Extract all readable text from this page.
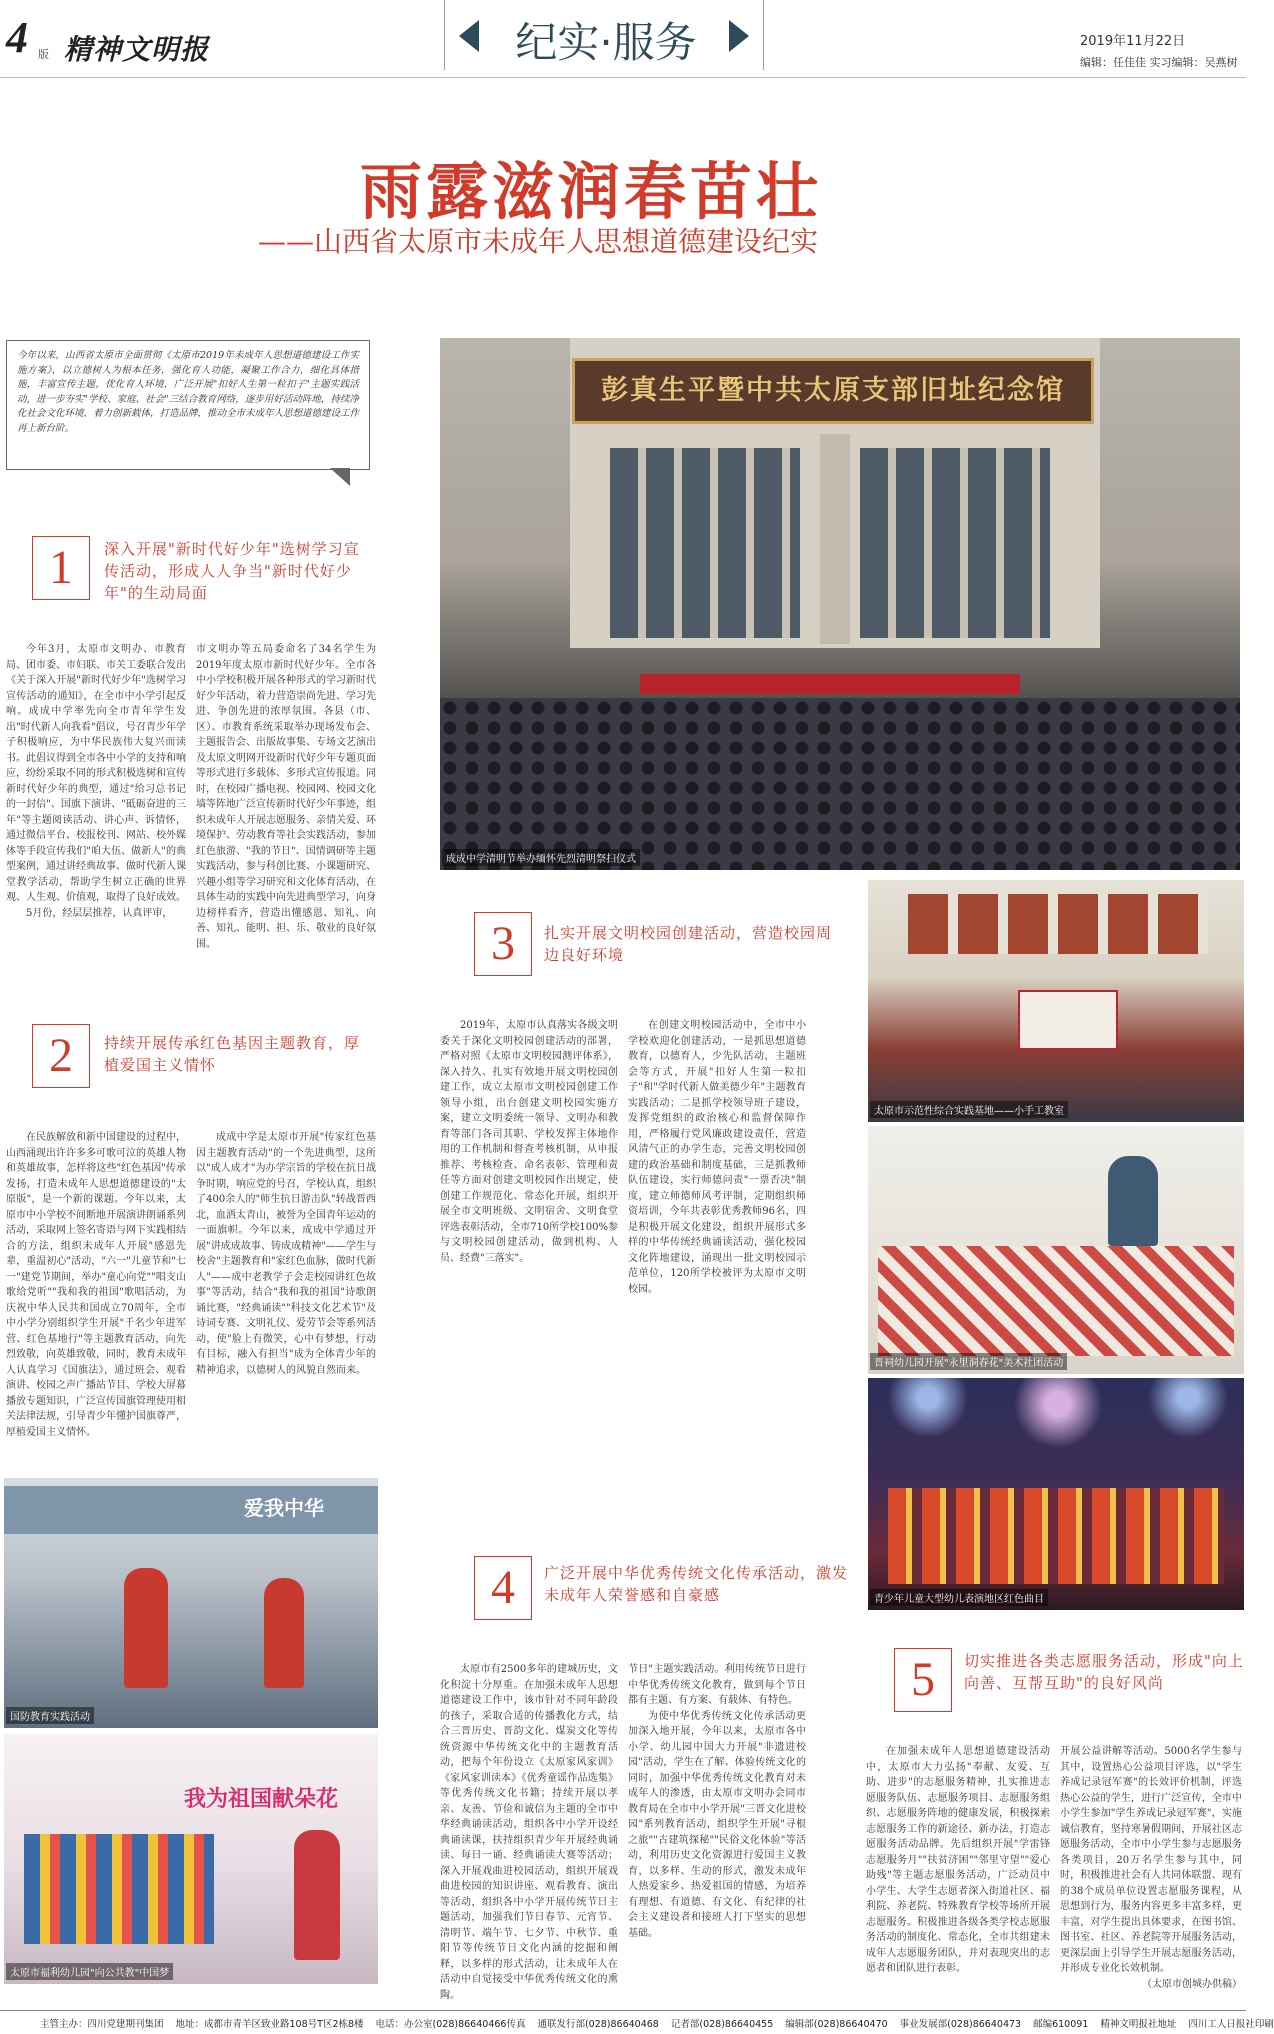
4 版 精神文明报	纪实·服务	2019年11月22日
编辑：任佳佳 实习编辑：吴燕树
雨露滋润春苗壮
——山西省太原市未成年人思想道德建设纪实
今年以来，山西省太原市全面贯彻《太原市2019年未成年人思想道德建设工作实施方案》，以立德树人为根本任务，强化育人功能，凝聚工作合力，细化具体措施，丰富宣传主题，优化育人环境，广泛开展"扣好人生第一粒扣子"主题实践活动，进一步夯实"学校、家庭、社会"三结合教育网络，逐步用好活动阵地，持续净化社会文化环境，着力创新载体，打造品牌，推动全市未成年人思想道德建设工作再上新台阶。
1	深入开展"新时代好少年"选树学习宣传活动，形成人人争当"新时代好少年"的生动局面

今年3月，太原市文明办、市教育局、团市委、市妇联、市关工委联合发出《关于深入开展"新时代好少年"选树学习宣传活动的通知》，在全市中小学引起反响。成成中学率先向全市青年学生发出"时代新人向我看"倡议，号召青少年学子积极响应，为中华民族伟大复兴而读书。此倡议得到全市各中小学的支持和响应，纷纷采取不同的形式积极选树和宣传新时代好少年的典型，通过"给习总书记的一封信"、国旗下演讲、"砥砺奋进的三年"等主题阅读活动、讲心声、诉情怀，通过微信平台、校报校刊、网站、校外媒体等手段宣传我们"咱大伍、做新人"的典型案例，通过讲经典故事、做时代新人课堂教学活动，帮助学生树立正确的世界观、人生观、价值观，取得了良好成效。

5月份，经层层推荐，认真评审，

市文明办等五局委命名了34名学生为2019年度太原市新时代好少年。全市各中小学校积极开展各种形式的学习新时代好少年活动，着力营造崇尚先进、学习先进、争创先进的浓厚氛围。各县（市、区）、市教育系统采取举办现场发布会、主题报告会、出版故事集、专场文艺演出及太原文明网开设新时代好少年专题页面等形式进行多载体、多形式宣传报道。同时，在校园广播电视、校园网、校园文化墙等阵地广泛宣传新时代好少年事迹，组织未成年人开展志愿服务、亲情关爱、环境保护、劳动教育等社会实践活动，参加红色旅游、"我的节日"、国情调研等主题实践活动，参与科创比赛、小课题研究、兴趣小组等学习研究和文化体育活动，在具体生动的实践中向先进典型学习，向身边榜样看齐，营造出懂感恩、知礼、向善、知礼、能明、担、乐、敬业的良好氛围。
2	持续开展传承红色基因主题教育，厚植爱国主义情怀
在民族解放和新中国建设的过程中，山西涌现出许许多多可歌可泣的英雄人物和英雄故事，怎样将这些"红色基因"传承发扬，打造未成年人思想道德建设的"太原版"，是一个新的课题。今年以来，太原市中小学校不间断地开展演讲朗诵系列活动，采取网上签名寄语与网下实践相结合的方法，组织未成年人开展"感恩先辈，重温初心"活动，"六一"儿童节和"七一"建党节期间，举办"童心向党""唱支山歌给党听""我和我的祖国"歌唱活动，为庆祝中华人民共和国成立70周年，全市中小学分别组织学生开展"千名少年进军营、红色基地行"等主题教育活动，向先烈致敬，向英雄致敬，同时，教育未成年人认真学习《国旗法》，通过班会、观看演讲、校园之声广播站节目、学校大屏幕播放专题知识，广泛宣传国旗管理使用相关法律法规，引导青少年懂护国旗尊严，厚植爱国主义情怀。
成成中学是太原市开展"传家红色基因主题教育活动"的一个先进典型，这所以"成人成才"为办学宗旨的学校在抗日战争时期，响应党的号召，学校认真，组织了400余人的"师生抗日游击队"转战晋西北，血洒太青山，被誉为全国青年运动的一面旗帜。今年以来，成成中学通过开展"讲成成故事、铸成成精神"——学生与校舍"主题教育和"家红色血脉，做时代新人"——成中老教学子会走校园讲红色故事"等活动，结合"我和我的祖国"诗歌朗诵比赛，"经典诵读""科技文化艺术节"及诗词专赛、文明礼仪、爱劳节会等系列活动，使"脸上有微笑，心中有梦想，行动有目标，融入有担当"成为全体青少年的精神追求，以德树人的风貌自然而来。
彭真生平暨中共太原支部旧址纪念馆
成成中学清明节举办缅怀先烈清明祭扫仪式
3	扎实开展文明校园创建活动，营造校园周边良好环境
2019年，太原市认真落实各级文明委关于深化文明校园创建活动的部署，严格对照《太原市文明校园测评体系》，深入持久、扎实有效地开展文明校园创建工作，成立太原市文明校园创建工作领导小组，出台创建文明校园实施方案，建立文明委统一领导、文明办和教育等部门各司其职、学校发挥主体地作用的工作机制和督查考核机制，从申报推荐、考核检查、命名表彰、管理和责任等方面对创建文明校园作出规定，使创建工作规范化、常态化开展，组织开展全市文明班级、文明宿舍、文明食堂评选表彰活动，全市710所学校100%参与文明校园创建活动，做到机构、人员、经费"三落实"。
在创建文明校园活动中，全市中小学校欢迎化创建活动，一是抓思想道德教育，以德育人，少先队活动，主题班会等方式，开展"扣好人生第一粒扣子"和"学时代新人做美德少年"主题教育实践活动；二是抓学校领导班子建设，发挥党组织的政治核心和监督保障作用，严格履行党风廉政建设责任，营造风清气正的办学生态，完善文明校园创建的政治基础和制度基础，三是抓教师队伍建设，实行师德问责"一票否决"制度，建立师德师风考评制，定期组织师资培训，今年共表彰优秀教师96名，四是积极开展文化建设，组织开展形式多样的中华传统经典诵读活动，强化校园文化阵地建设，涌现出一批文明校园示范单位，120所学校被评为太原市文明校园。
太原市示范性综合实践基地——小手工教室
晋祠幼儿园开展"永里洞春花"美术社团活动
青少年儿童大型幼儿表演地区红色曲目
爱我中华
国防教育实践活动
我为祖国献朵花
太原市福利幼儿园"向公共教"中国梦
4	广泛开展中华优秀传统文化传承活动，激发未成年人荣誉感和自豪感
太原市有2500多年的建城历史，文化积淀十分厚重。在加强未成年人思想道德建设工作中，该市针对不同年龄段的孩子，采取合适的传播教化方式，结合三晋历史、晋韵文化、煤炭文化等传统资源中华传统文化中的主题教育活动，把每个年份设立《太原家风家训》《家风家训读本》《优秀童谣作品选集》等优秀传统文化书籍；持续开展以孝亲、友善、节俭和诚信为主题的全市中华经典诵读活动，组织各中小学开设经典诵读课，扶持组织青少年开展经典诵读、每日一诵、经典诵读大赛等活动；深入开展戏曲进校园活动，组织开展戏曲进校园的知识讲座、观看教育、演出等活动，组织各中小学开展传统节日主题活动，加强我们节日春节、元宵节、清明节、端午节、七夕节、中秋节、重阳节等传统节日文化内涵的挖掘和阐释，以多样的形式活动，让未成年人在活动中自觉接受中华优秀传统文化的熏陶。

节日"主题实践活动。利用传统节日进行中华优秀传统文化教育，做到每个节日都有主题、有方案、有载体、有特色。

为使中华优秀传统文化传承活动更加深入地开展，今年以来，太原市各中小学、幼儿园中国大力开展"非遗进校园"活动，学生在了解、体验传统文化的同时，加强中华优秀传统文化教育对未成年人的渗透，由太原市文明办会同市教育局在全市中小学开展"三晋文化进校园"系列教育活动，组织学生开展"寻根之旅""古建筑探秘""民俗文化体验"等活动，利用历史文化资源进行爱国主义教育，以多样、生动的形式，激发未成年人热爱家乡、热爱祖国的情感，为培养有理想、有道德、有文化、有纪律的社会主义建设者和接班人打下坚实的思想基础。

5	切实推进各类志愿服务活动，形成"向上向善、互帮互助"的良好风尚
在加强未成年人思想道德建设活动中，太原市大力弘扬"奉献、友爱、互助、进步"的志愿服务精神，扎实推进志愿服务队伍、志愿服务项目、志愿服务组织、志愿服务阵地的健康发展，积极探索志愿服务工作的新途径、新办法，打造志愿服务活动品牌。先后组织开展"学雷锋志愿服务月""扶贫济困""邻里守望""爱心助残"等主题志愿服务活动，广泛动员中小学生、大学生志愿者深入街道社区、福利院、养老院、特殊教育学校等场所开展志愿服务。积极推进各级各类学校志愿服务活动的制度化、常态化，全市共组建未成年人志愿服务团队，并对表现突出的志愿者和团队进行表彰。

开展公益讲解等活动。5000名学生参与其中，设置热心公益项目评选，以"学生养成记录冠军赛"的长效评价机制，评选热心公益的学生，进行广泛宣传，全市中小学生参加"学生养成记录冠军赛"，实施诚信教育，坚持寒暑假期间，开展社区志愿服务活动，全市中小学生参与志愿服务各类项目，20万名学生参与其中，同时，积极推进社会有人共同体联盟、现有的38个成员单位设置志愿服务课程，从思想到行为，服务内容更多丰富多样，更丰富，对学生提出具体要求，在图书馆、图书室、社区、养老院等开展服务活动，更深层面上引导学生开展志愿服务活动，并形成专业化长效机制。

（太原市创城办供稿）

主管主办：四川党建期刊集团 地址：成都市青羊区致业路108号T区2栋8楼 电话：办公室(028)86640466传真 通联发行部(028)86640468 记者部(028)86640455 编辑部(028)86640470 事业发展部(028)86640473 邮编610091 精神文明报社地址 四川工人日报社印刷
